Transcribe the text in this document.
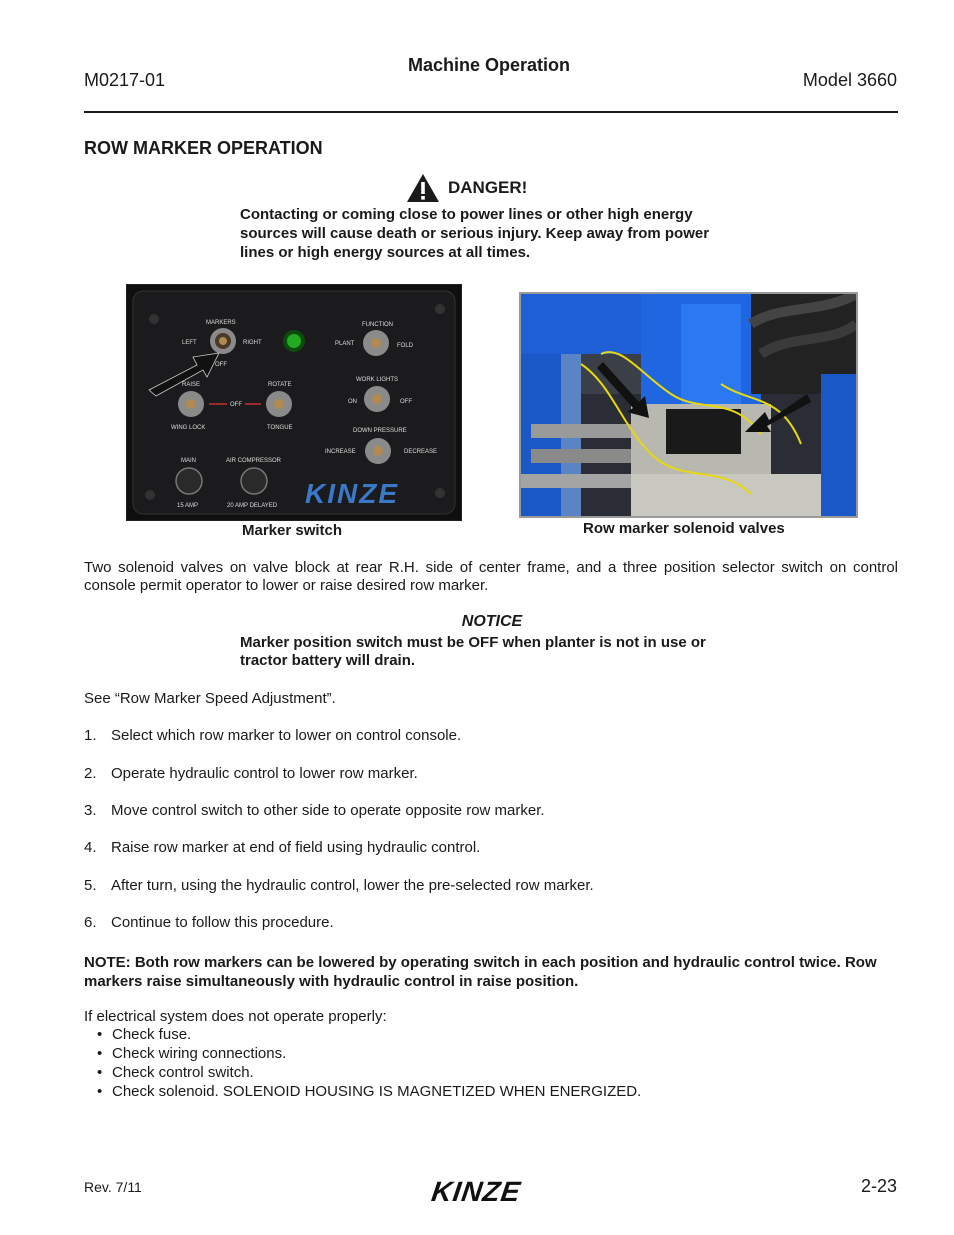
M0217-01
Machine Operation
Model 3660
ROW MARKER OPERATION
DANGER!
Contacting or coming close to power lines or other high energy sources will cause death or serious injury. Keep away from power lines or high energy sources at all times.
MARKERS
LEFT	RIGHT
OFF
FUNCTION
PLANT	FOLD
RAISE	ROTATE
OFF
WING LOCK	TONGUE
WORK LIGHTS
ON	OFF
DOWN PRESSURE
INCREASE	DECREASE
MAIN	AIR COMPRESSOR
15 AMP	20 AMP DELAYED KINZE
Marker switch	Row marker solenoid valves
Two solenoid valves on valve block at rear R.H. side of center frame, and a three position selector switch on control console permit operator to lower or raise desired row marker.
NOTICE
Marker position switch must be OFF when planter is not in use or tractor battery will drain.
See “Row Marker Speed Adjustment”.
1. Select which row marker to lower on control console.
2. Operate hydraulic control to lower row marker.
3. Move control switch to other side to operate opposite row marker.
4. Raise row marker at end of field using hydraulic control.
5. After turn, using the hydraulic control, lower the pre-selected row marker.
6. Continue to follow this procedure.
NOTE: Both row markers can be lowered by operating switch in each position and hydraulic control twice. Row markers raise simultaneously with hydraulic control in raise position.
If electrical system does not operate properly:
• Check fuse.
• Check wiring connections.
• Check control switch.
• Check solenoid. SOLENOID HOUSING IS MAGNETIZED WHEN ENERGIZED.
Rev. 7/11	KINZE	2-23
